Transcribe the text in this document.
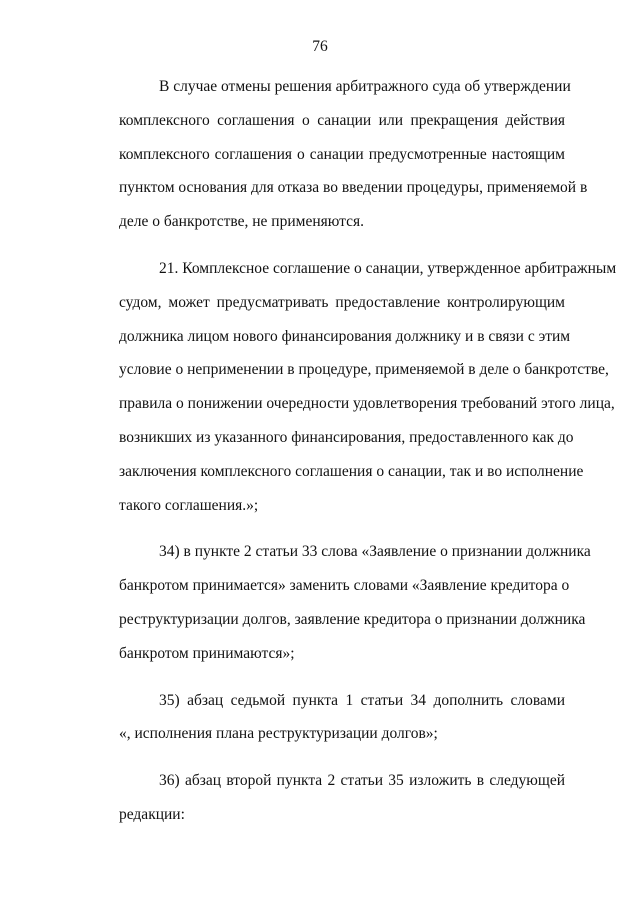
76
В случае отмены решения арбитражного суда об утверждении
комплексного соглашения о санации или прекращения действия
комплексного соглашения о санации предусмотренные настоящим
пунктом основания для отказа во введении процедуры, применяемой в
деле о банкротстве, не применяются.
21. Комплексное соглашение о санации, утвержденное арбитражным
судом, может предусматривать предоставление контролирующим
должника лицом нового финансирования должнику и в связи с этим
условие о неприменении в процедуре, применяемой в деле о банкротстве,
правила о понижении очередности удовлетворения требований этого лица,
возникших из указанного финансирования, предоставленного как до
заключения комплексного соглашения о санации, так и во исполнение
такого соглашения.»;
34) в пункте 2 статьи 33 слова «Заявление о признании должника
банкротом принимается» заменить словами «Заявление кредитора о
реструктуризации долгов, заявление кредитора о признании должника
банкротом принимаются»;
35) абзац седьмой пункта 1 статьи 34 дополнить словами
«, исполнения плана реструктуризации долгов»;
36) абзац второй пункта 2 статьи 35 изложить в следующей
редакции:
